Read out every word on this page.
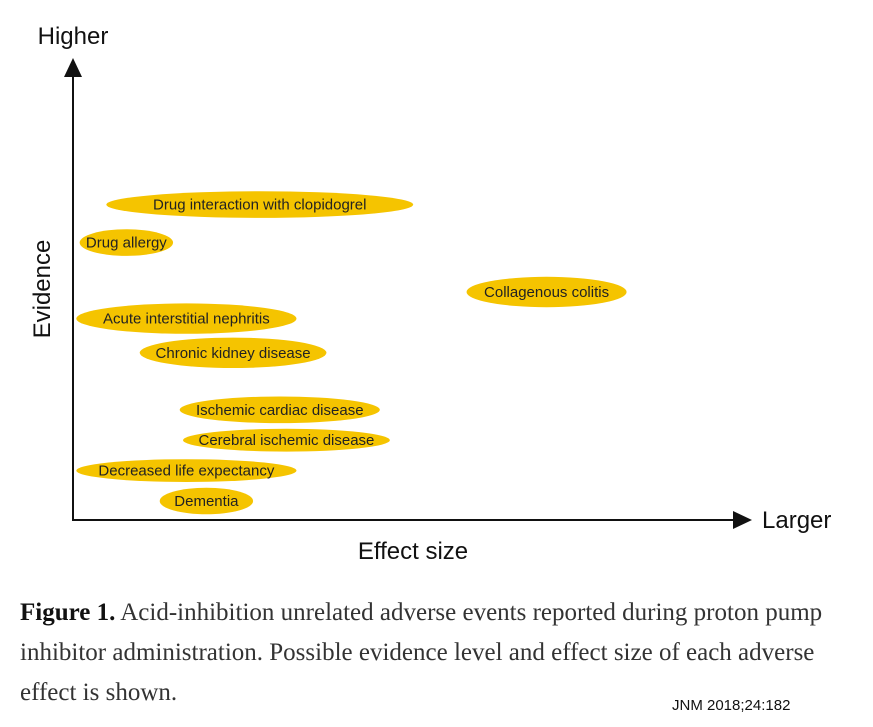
Higher
Evidence
Larger
Effect size
Drug interaction with clopidogrel
Drug allergy
Collagenous colitis
Acute interstitial nephritis
Chronic kidney disease
Ischemic cardiac disease
Cerebral ischemic disease
Decreased life expectancy
Dementia
Figure 1. Acid-inhibition unrelated adverse events reported during proton pump inhibitor administration. Possible evidence level and effect size of each adverse effect is shown.	JNM 2018;24:182
